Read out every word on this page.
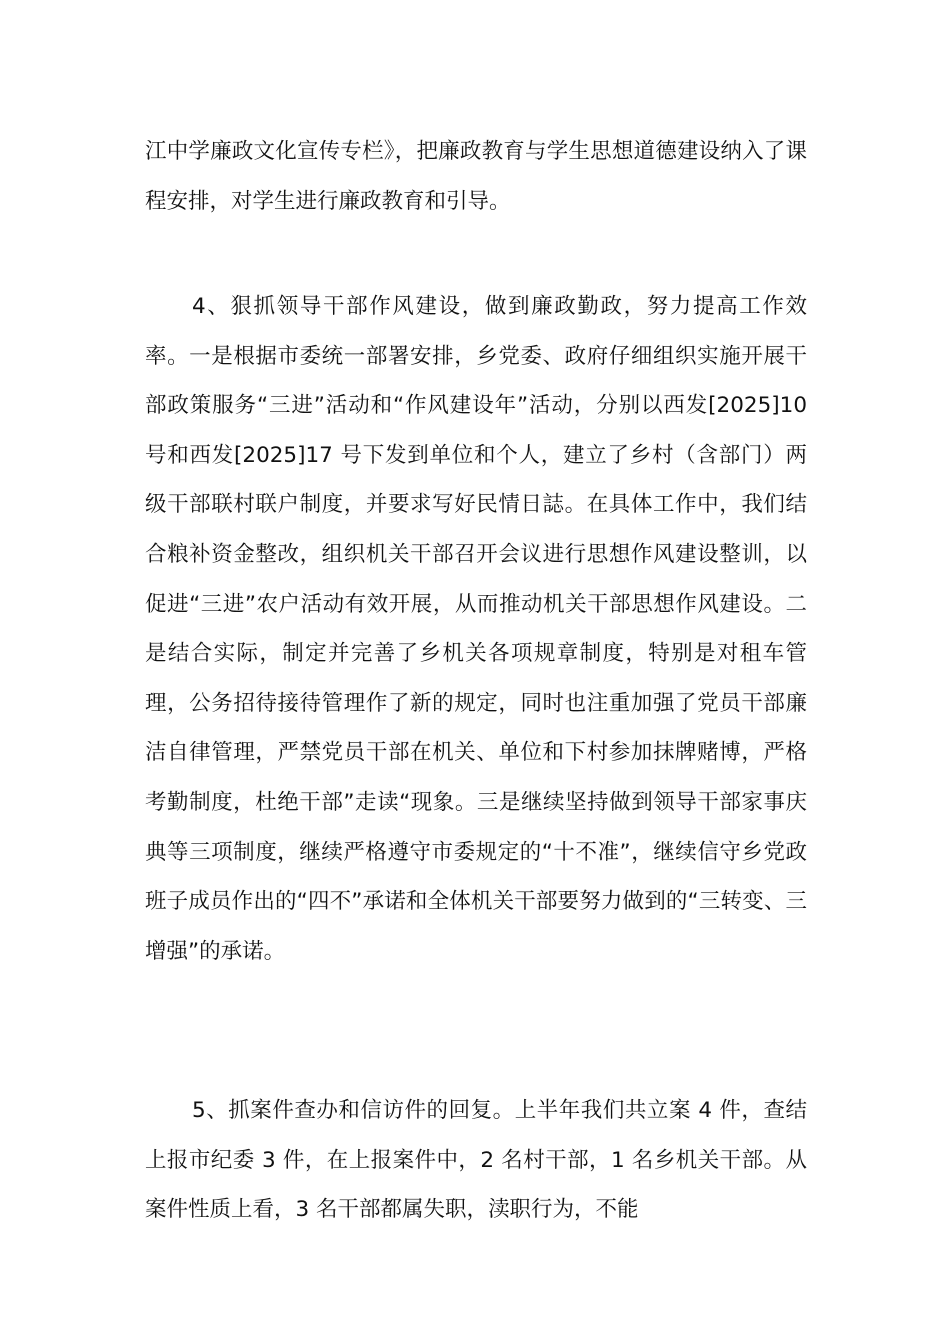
江中学廉政文化宣传专栏》，把廉政教育与学生思想道德建设纳入了课程安排，对学生进行廉政教育和引导。

4、狠抓领导干部作风建设，做到廉政勤政，努力提高工作效率。一是根据市委统一部署安排，乡党委、政府仔细组织实施开展干部政策服务“三进”活动和“作风建设年”活动，分别以西发[2025]10 号和西发[2025]17 号下发到单位和个人，建立了乡村（含部门）两级干部联村联户制度，并要求写好民情日誌。在具体工作中，我们结合粮补资金整改，组织机关干部召开会议进行思想作风建设整训，以促进“三进”农户活动有效开展，从而推动机关干部思想作风建设。二是结合实际，制定并完善了乡机关各项规章制度，特别是对租车管理，公务招待接待管理作了新的规定，同时也注重加强了党员干部廉洁自律管理，严禁党员干部在机关、单位和下村参加抹牌赌博，严格考勤制度，杜绝干部”走读“现象。三是继续坚持做到领导干部家事庆典等三项制度，继续严格遵守市委规定的“十不准”，继续信守乡党政班子成员作出的“四不”承诺和全体机关干部要努力做到的“三转变、三增强”的承诺。

5、抓案件查办和信访件的回复。上半年我们共立案 4 件，查结上报市纪委 3 件，在上报案件中，2 名村干部，1 名乡机关干部。从案件性质上看，3 名干部都属失职，渎职行为，不能
